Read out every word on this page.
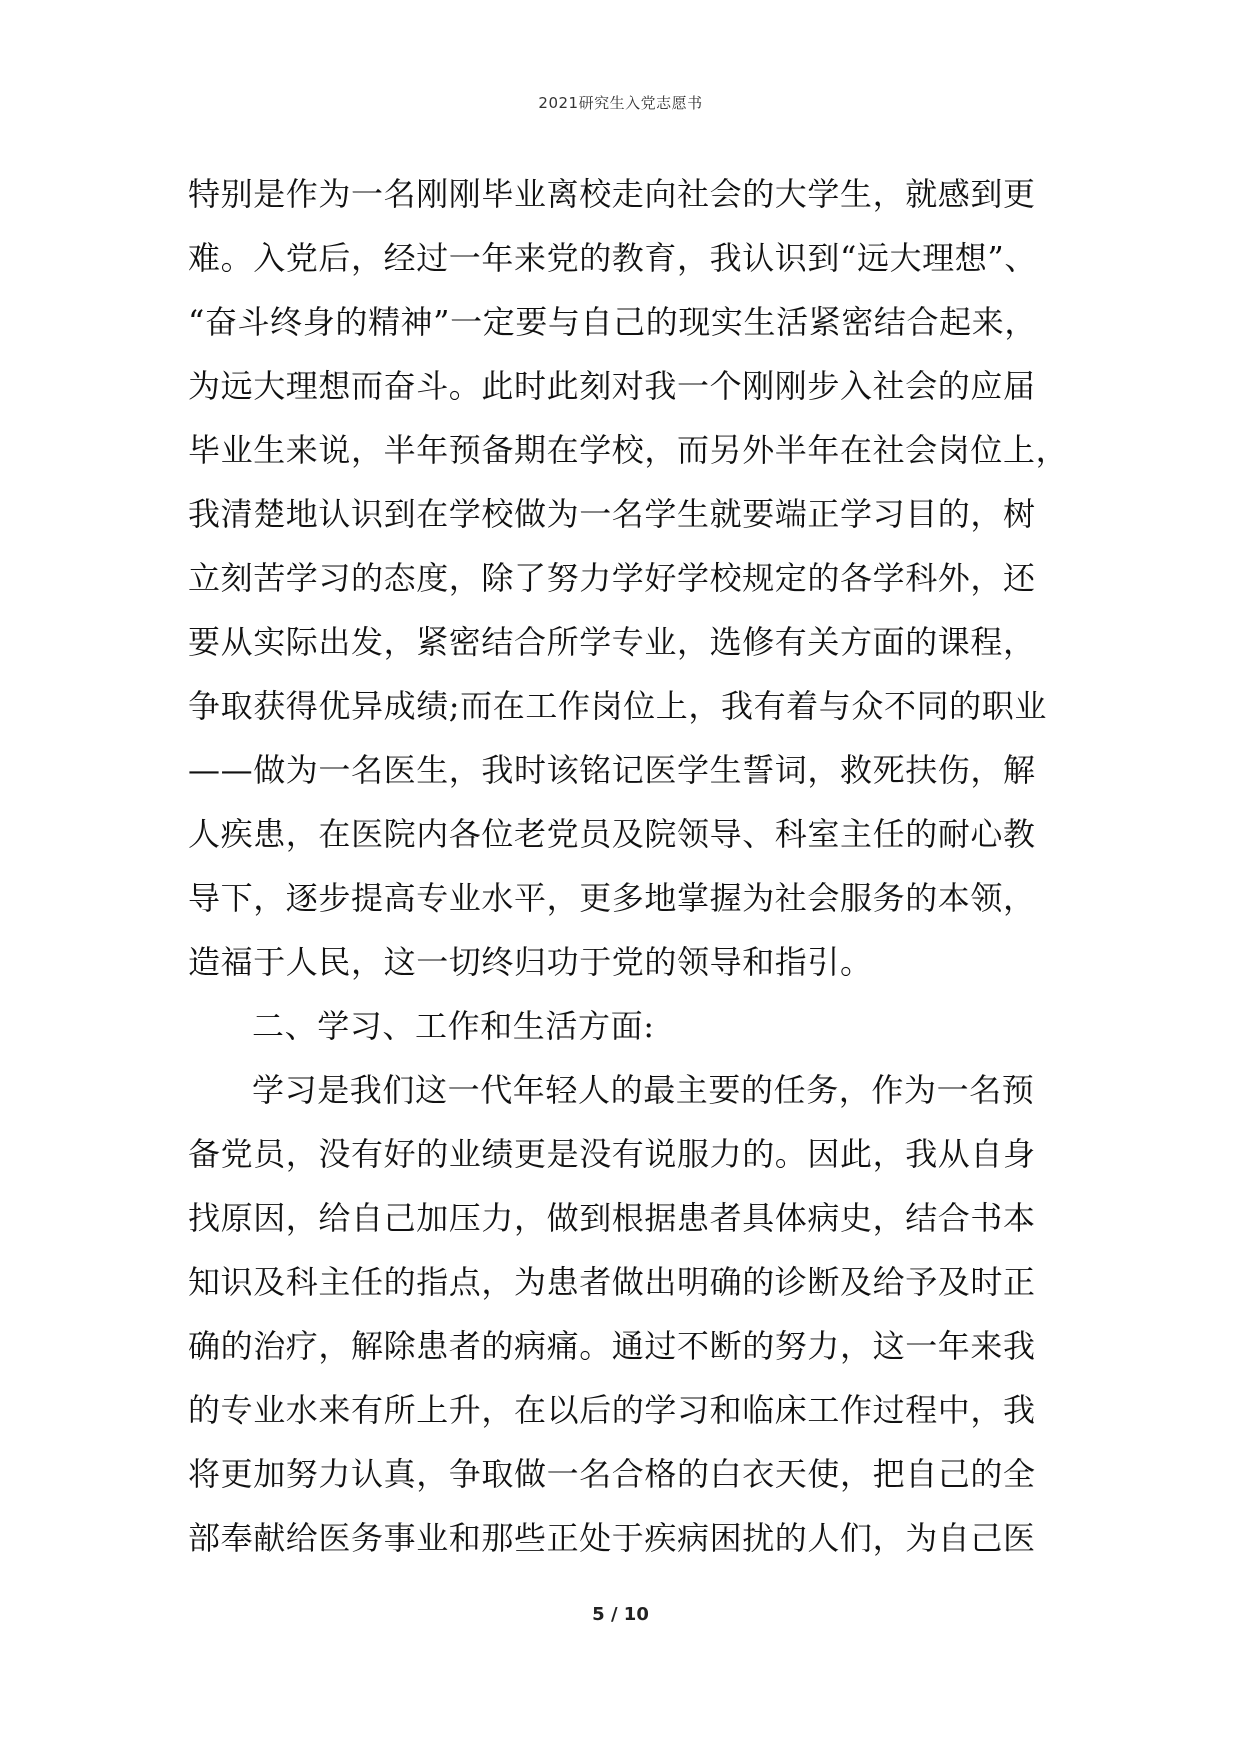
2021研究生入党志愿书
特别是作为一名刚刚毕业离校走向社会的大学生，就感到更
难。入党后，经过一年来党的教育，我认识到“远大理想”、
“奋斗终身的精神”一定要与自己的现实生活紧密结合起来，
为远大理想而奋斗。此时此刻对我一个刚刚步入社会的应届
毕业生来说，半年预备期在学校，而另外半年在社会岗位上，
我清楚地认识到在学校做为一名学生就要端正学习目的，树
立刻苦学习的态度，除了努力学好学校规定的各学科外，还
要从实际出发，紧密结合所学专业，选修有关方面的课程，
争取获得优异成绩;而在工作岗位上，我有着与众不同的职业
——做为一名医生，我时该铭记医学生誓词，救死扶伤，解
人疾患，在医院内各位老党员及院领导、科室主任的耐心教
导下，逐步提高专业水平，更多地掌握为社会服务的本领，
造福于人民，这一切终归功于党的领导和指引。
二、学习、工作和生活方面:
学习是我们这一代年轻人的最主要的任务，作为一名预
备党员，没有好的业绩更是没有说服力的。因此，我从自身
找原因，给自己加压力，做到根据患者具体病史，结合书本
知识及科主任的指点，为患者做出明确的诊断及给予及时正
确的治疗，解除患者的病痛。通过不断的努力，这一年来我
的专业水来有所上升，在以后的学习和临床工作过程中，我
将更加努力认真，争取做一名合格的白衣天使，把自己的全
部奉献给医务事业和那些正处于疾病困扰的人们，为自己医
5 / 10
